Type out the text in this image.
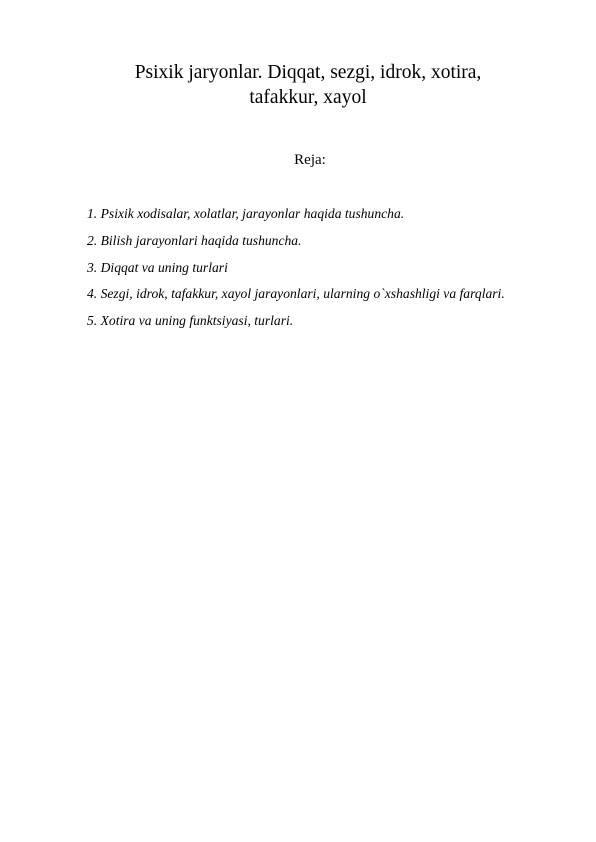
Psixik jaryonlar. Diqqat, sezgi, idrok, xotira,
tafakkur, xayol

Reja:

1. Psixik xodisalar, xolatlar, jarayonlar haqida tushuncha.
2. Bilish jarayonlari haqida tushuncha.
3. Diqqat va uning turlari
4. Sezgi, idrok, tafakkur, xayol jarayonlari, ularning o`xshashligi va farqlari.
5. Xotira va uning funktsiyasi, turlari.
